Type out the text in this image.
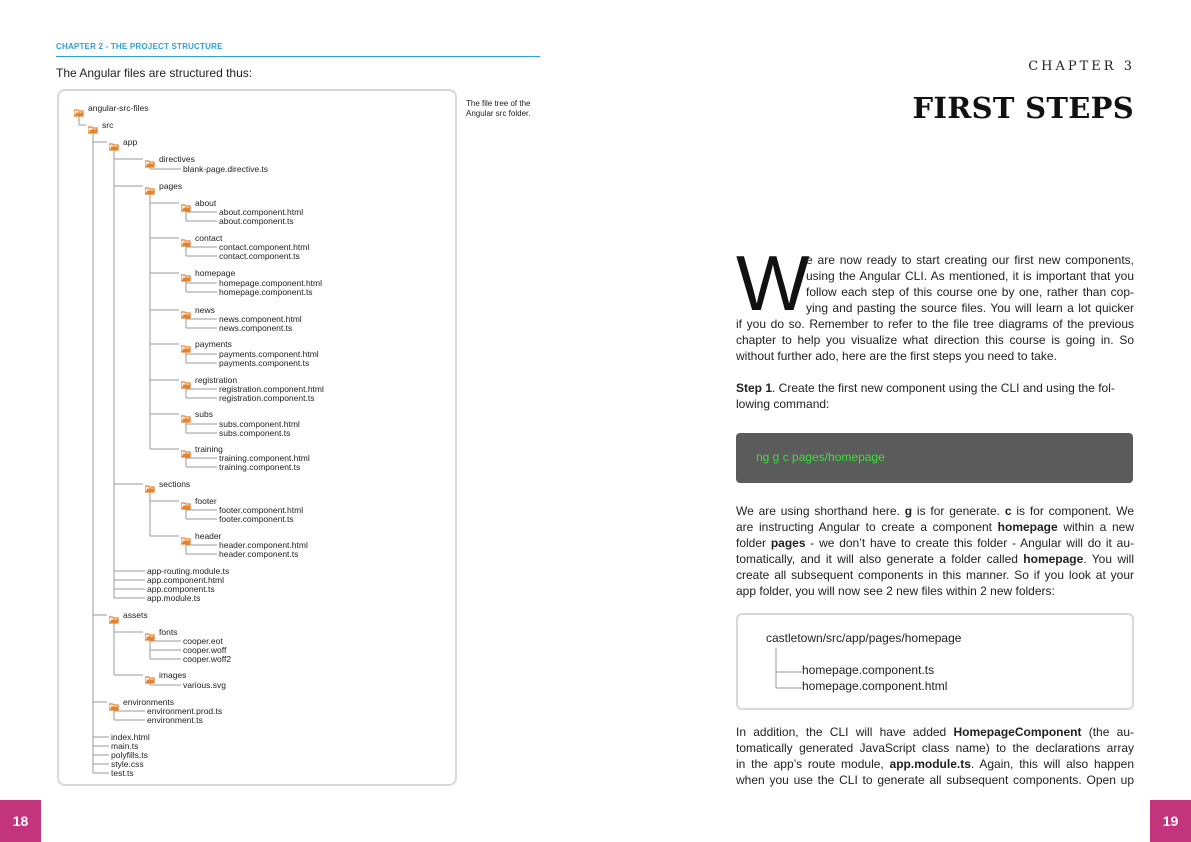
CHAPTER 2 - THE PROJECT STRUCTURE
The Angular files are structured thus:
angular-src-files
src
app
directives
blank-page.directive.ts
pages
about
about.component.html
about.component.ts
contact
contact.component.html
contact.component.ts
homepage
homepage.component.html
homepage.component.ts
news
news.component.html
news.component.ts
payments
payments.component.html
payments.component.ts
registration
registration.component.html
registration.component.ts
subs
subs.component.html
subs.component.ts
training
training.component.html
training.component.ts
sections
footer
footer.component.html
footer.component.ts
header
header.component.html
header.component.ts
app-routing.module.ts
app.component.html
app.component.ts
app.module.ts
assets
fonts
cooper.eot
cooper.woff
cooper.woff2
images
various.svg
environments
environment.prod.ts
environment.ts
index.html
main.ts
polyfills.ts
style.css
test.ts
The file tree of the Angular src folder.
18
CHAPTER 3
FIRST STEPS
W
e are now ready to start creating our first new components,
using the Angular CLI. As mentioned, it is important that you
follow each step of this course one by one, rather than cop-
ying and pasting the source files. You will learn a lot quicker
if you do so. Remember to refer to the file tree diagrams of the previous
chapter to help you visualize what direction this course is going in. So
without further ado, here are the first steps you need to take.
Step 1. Create the first new component using the CLI and using the fol-
lowing command:
ng g c pages/homepage
We are using shorthand here. g is for generate. c is for component. We
are instructing Angular to create a component homepage within a new
folder pages - we don’t have to create this folder - Angular will do it au-
tomatically, and it will also generate a folder called homepage. You will
create all subsequent components in this manner. So if you look at your
app folder, you will now see 2 new files within 2 new folders:
castletown/src/app/pages/homepage
homepage.component.ts
homepage.component.html
In addition, the CLI will have added HomepageComponent (the au-
tomatically generated JavaScript class name) to the declarations array
in the app’s route module, app.module.ts. Again, this will also happen
when you use the CLI to generate all subsequent components. Open up
19
